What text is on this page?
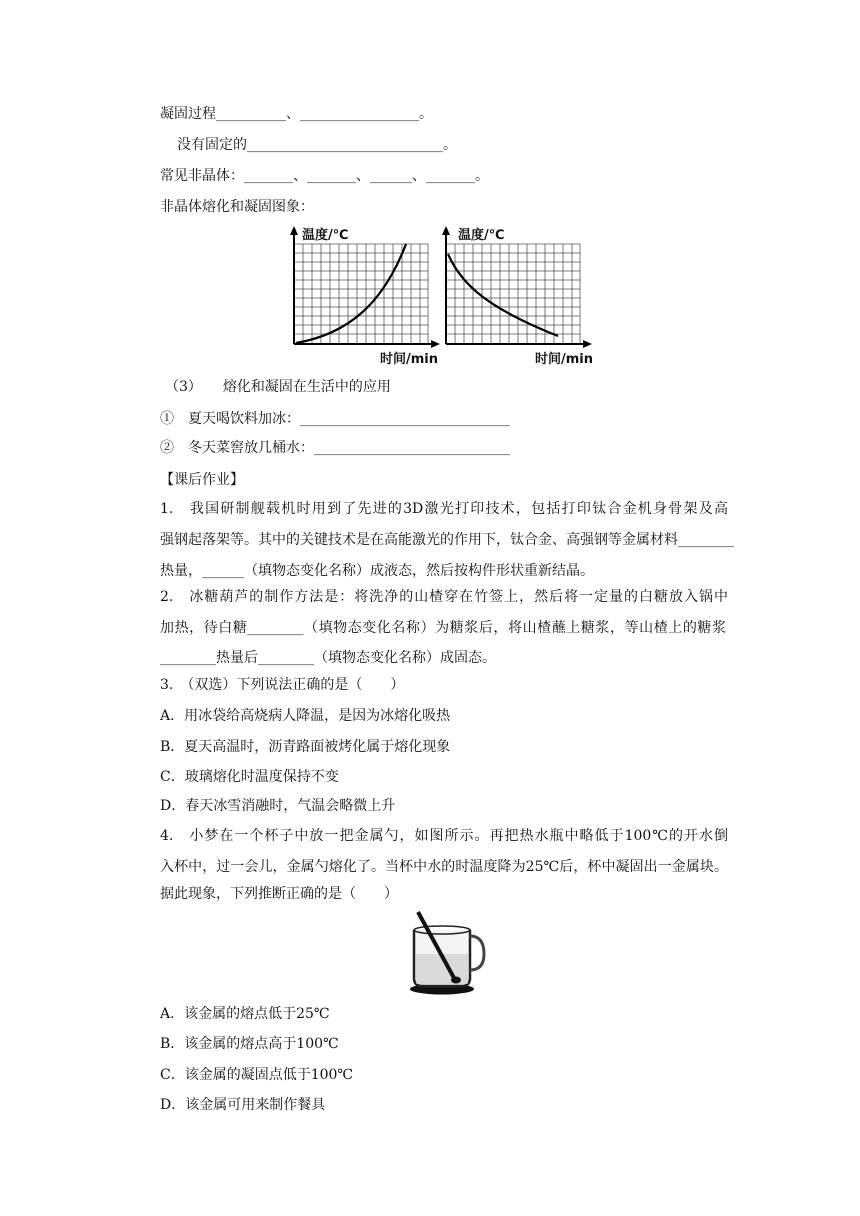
凝固过程__________、_________________。
没有固定的____________________________。
常见非晶体：_______、_______、______、_______。
非晶体熔化和凝固图象：
温度/℃
时间/min
温度/℃
时间/min
（3）　　熔化和凝固在生活中的应用
①　夏天喝饮料加冰：______________________________
②　冬天菜窖放几桶水：____________________________
【课后作业】
1.　我国研制舰载机时用到了先进的3D激光打印技术，包括打印钛合金机身骨架及高
强钢起落架等。其中的关键技术是在高能激光的作用下，钛合金、高强钢等金属材料________
热量，______（填物态变化名称）成液态，然后按构件形状重新结晶。
2.　冰糖葫芦的制作方法是：将洗净的山楂穿在竹签上，然后将一定量的白糖放入锅中
加热，待白糖________（填物态变化名称）为糖浆后，将山楂蘸上糖浆，等山楂上的糖浆
________热量后________（填物态变化名称）成固态。
3.　（双选）下列说法正确的是（　　）
A．用冰袋给高烧病人降温，是因为冰熔化吸热
B．夏天高温时，沥青路面被烤化属于熔化现象
C．玻璃熔化时温度保持不变
D．春天冰雪消融时，气温会略微上升
4.　小梦在一个杯子中放一把金属勺，如图所示。再把热水瓶中略低于100℃的开水倒
入杯中，过一会儿，金属勺熔化了。当杯中水的时温度降为25℃后，杯中凝固出一金属块。
据此现象，下列推断正确的是（　　）
A．该金属的熔点低于25℃
B．该金属的熔点高于100℃
C．该金属的凝固点低于100℃
D．该金属可用来制作餐具
